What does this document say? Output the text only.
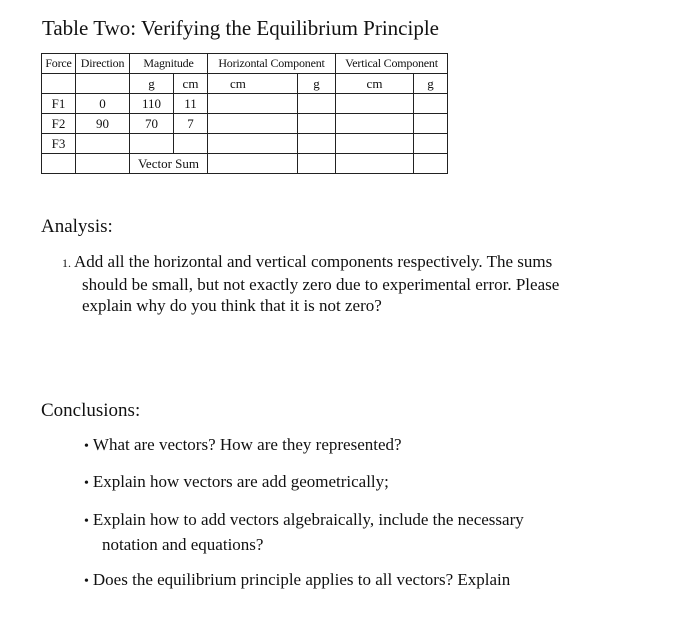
Table Two: Verifying the Equilibrium Principle
Force	Direction	Magnitude		Horizontal Component		Vertical Component	
		g	cm	cm	g	cm	g
F1	0	110	11				
F2	90	70	7				
F3							
		Vector Sum					
Analysis:
1. Add all the horizontal and vertical components respectively. The sums
should be small, but not exactly zero due to experimental error. Please
explain why do you think that it is not zero?
Conclusions:
• What are vectors? How are they represented?
• Explain how vectors are add geometrically;
• Explain how to add vectors algebraically, include the necessary
notation and equations?
• Does the equilibrium principle applies to all vectors? Explain
